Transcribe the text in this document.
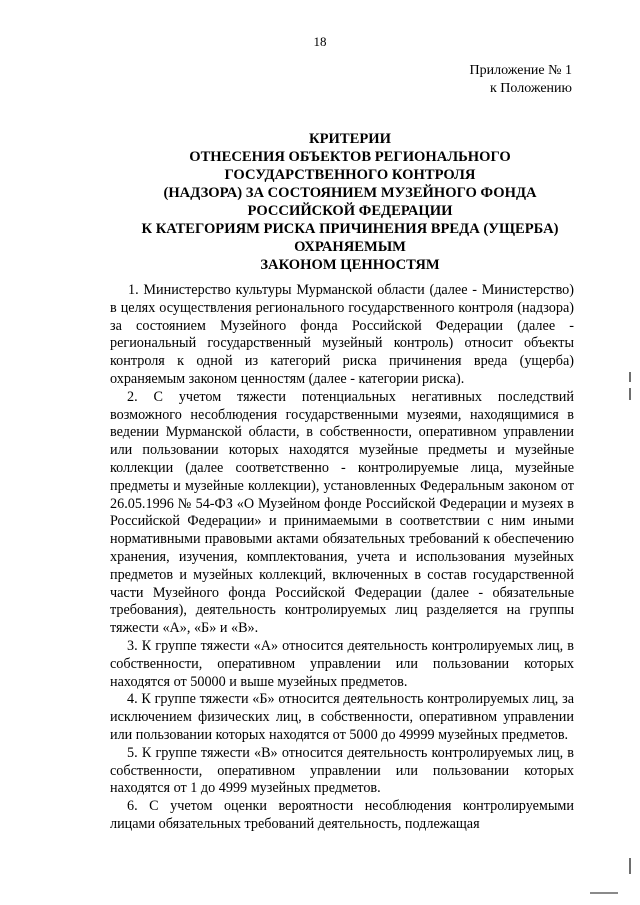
18
Приложение № 1
к Положению
КРИТЕРИИ
ОТНЕСЕНИЯ ОБЪЕКТОВ РЕГИОНАЛЬНОГО
ГОСУДАРСТВЕННОГО КОНТРОЛЯ
(НАДЗОРА) ЗА СОСТОЯНИЕМ МУЗЕЙНОГО ФОНДА
РОССИЙСКОЙ ФЕДЕРАЦИИ
К КАТЕГОРИЯМ РИСКА ПРИЧИНЕНИЯ ВРЕДА (УЩЕРБА)
ОХРАНЯЕМЫМ
ЗАКОНОМ ЦЕННОСТЯМ

1. Министерство культуры Мурманской области (далее - Министерство) в целях осуществления регионального государственного контроля (надзора) за состоянием Музейного фонда Российской Федерации (далее - региональный государственный музейный контроль) относит объекты контроля к одной из категорий риска причинения вреда (ущерба) охраняемым законом ценностям (далее - категории риска).

2. С учетом тяжести потенциальных негативных последствий возможного несоблюдения государственными музеями, находящимися в ведении Мурманской области, в собственности, оперативном управлении или пользовании которых находятся музейные предметы и музейные коллекции (далее соответственно - контролируемые лица, музейные предметы и музейные коллекции), установленных Федеральным законом от 26.05.1996 № 54-ФЗ «О Музейном фонде Российской Федерации и музеях в Российской Федерации» и принимаемыми в соответствии с ним иными нормативными правовыми актами обязательных требований к обеспечению хранения, изучения, комплектования, учета и использования музейных предметов и музейных коллекций, включенных в состав государственной части Музейного фонда Российской Федерации (далее - обязательные требования), деятельность контролируемых лиц разделяется на группы тяжести «А», «Б» и «В».

3. К группе тяжести «А» относится деятельность контролируемых лиц, в собственности, оперативном управлении или пользовании которых находятся от 50000 и выше музейных предметов.

4. К группе тяжести «Б» относится деятельность контролируемых лиц, за исключением физических лиц, в собственности, оперативном управлении или пользовании которых находятся от 5000 до 49999 музейных предметов.

5. К группе тяжести «В» относится деятельность контролируемых лиц, в собственности, оперативном управлении или пользовании которых находятся от 1 до 4999 музейных предметов.

6. С учетом оценки вероятности несоблюдения контролируемыми лицами обязательных требований деятельность, подлежащая
